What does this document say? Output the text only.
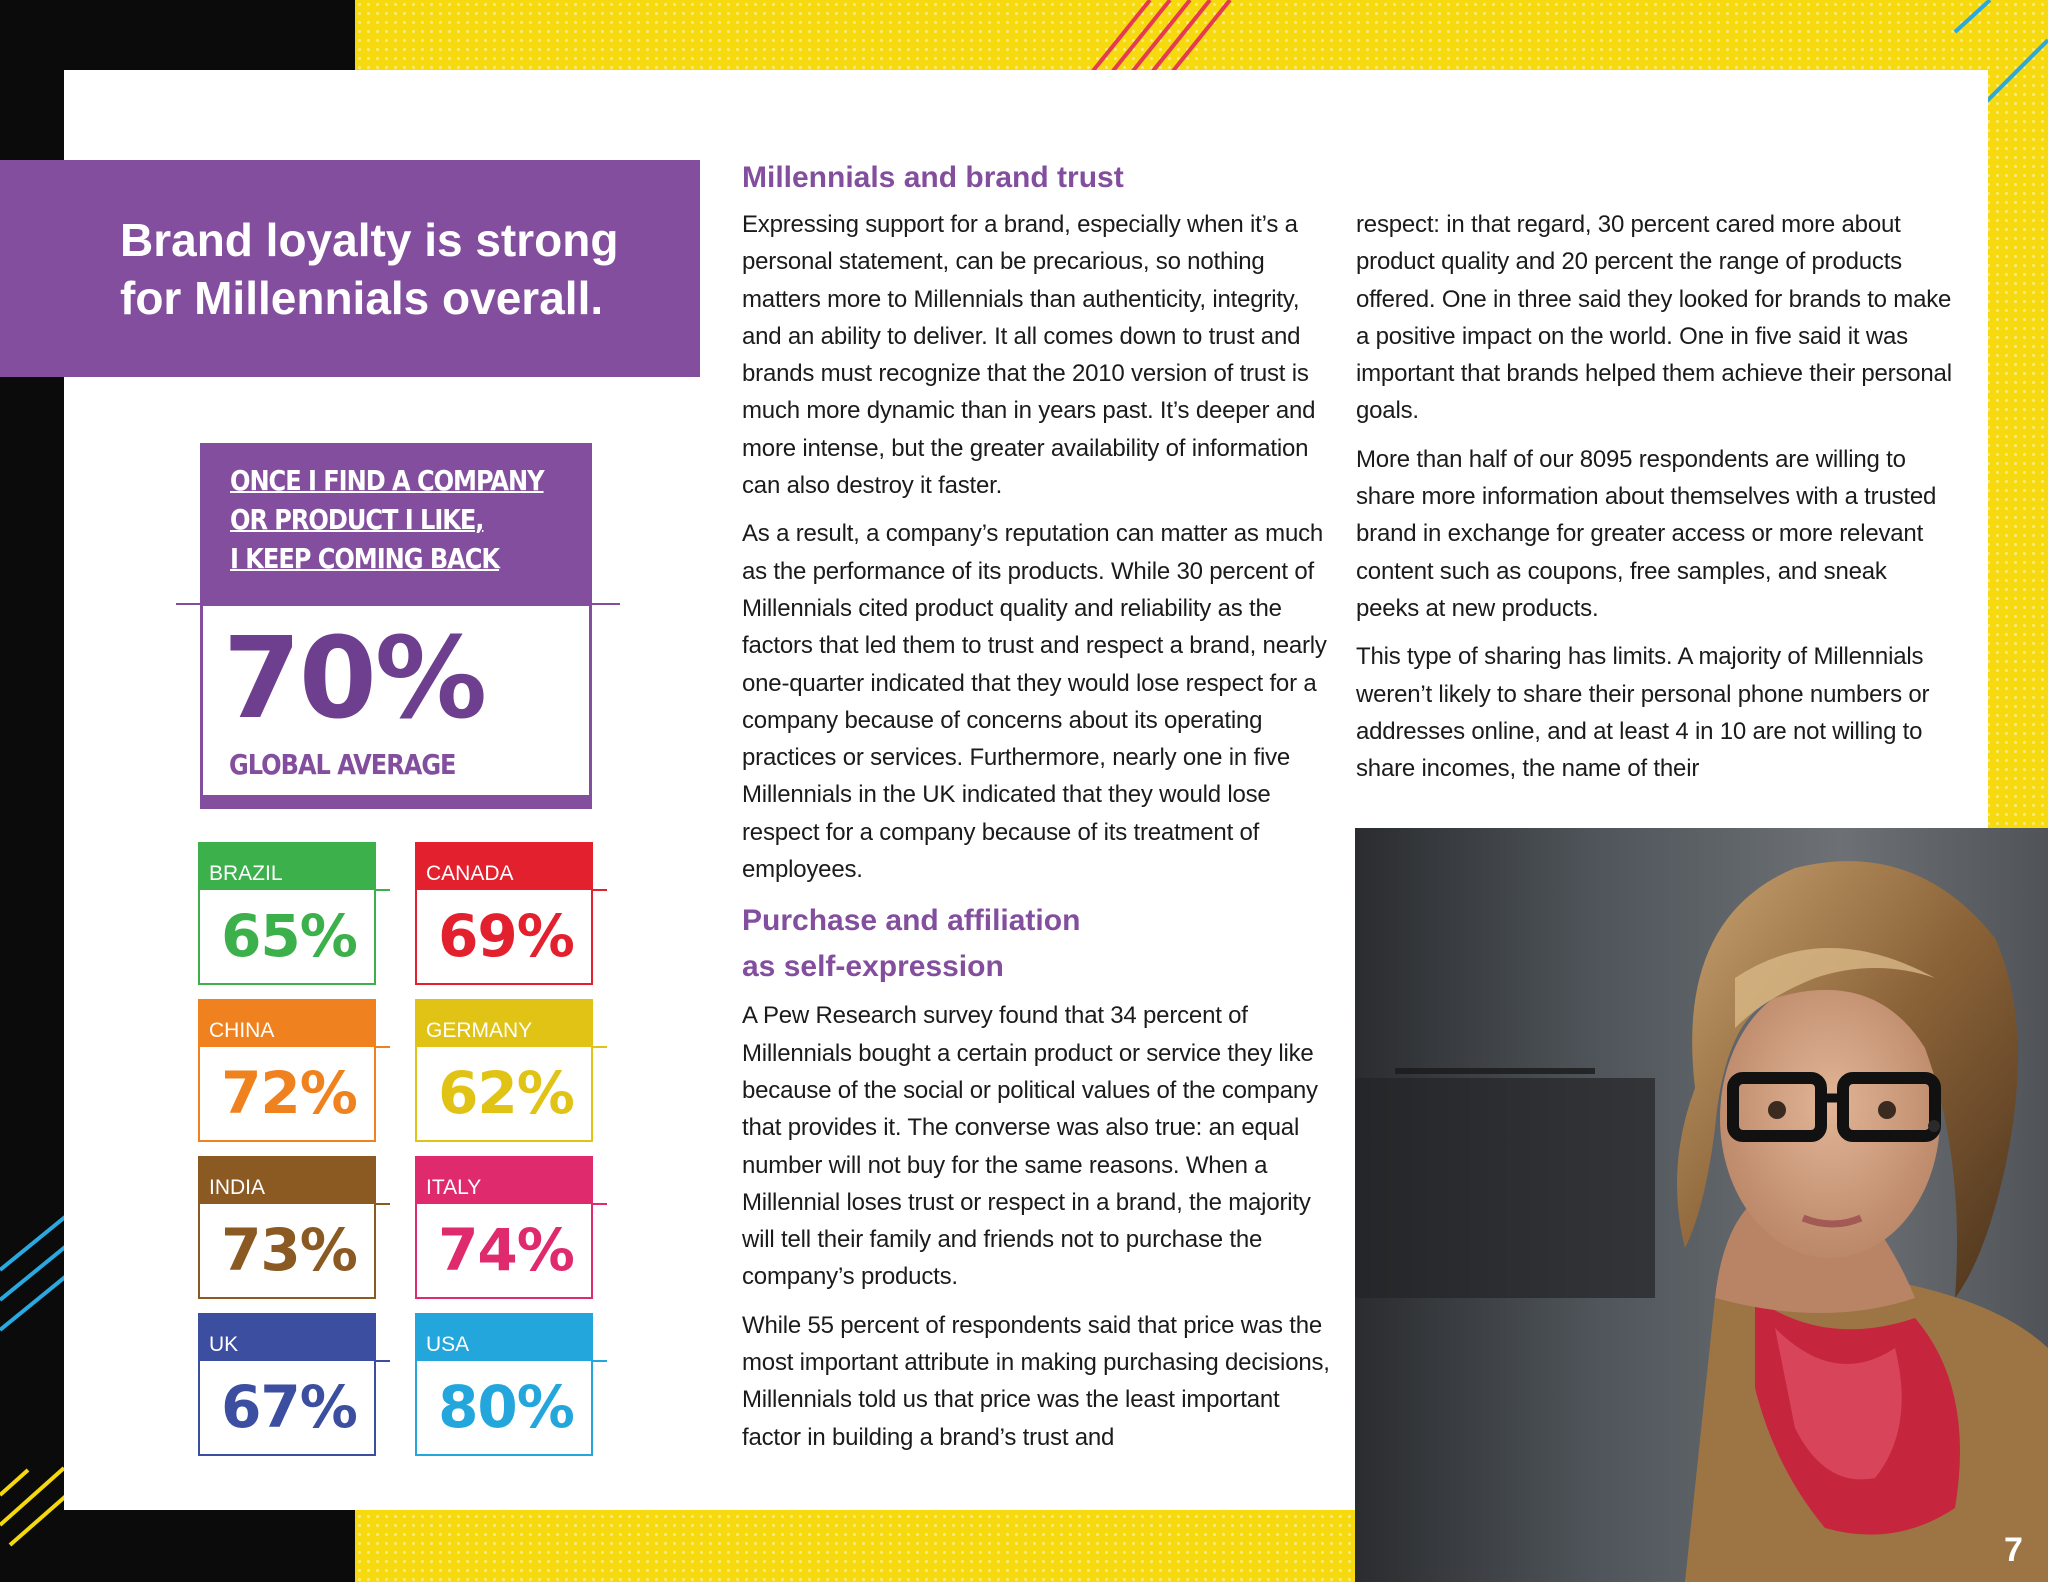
Brand loyalty is strong
for Millennials overall.
ONCE I FIND A COMPANY
OR PRODUCT I LIKE,
I KEEP COMING BACK
70%
GLOBAL AVERAGE
BRAZIL
65%
CANADA
69%
CHINA
72%
GERMANY
62%
INDIA
73%
ITALY
74%
UK
67%
USA
80%
Millennials and brand trust

Expressing support for a brand, especially when it’s a personal statement, can be precarious, so nothing matters more to Millennials than authenticity, integrity, and an ability to deliver. It all comes down to trust and brands must recognize that the 2010 version of trust is much more dynamic than in years past. It’s deeper and more intense, but the greater availability of information can also destroy it faster.

As a result, a company’s reputation can matter as much as the performance of its products. While 30 percent of Millennials cited product quality and reliability as the factors that led them to trust and respect a brand, nearly one-quarter indicated that they would lose respect for a company because of concerns about its operating practices or services. Furthermore, nearly one in five Millennials in the UK indicated that they would lose respect for a company because of its treatment of employees.

Purchase and affiliation
as self-expression

A Pew Research survey found that 34 percent of Millennials bought a certain product or service they like because of the social or political values of the company that provides it. The converse was also true: an equal number will not buy for the same reasons. When a Millennial loses trust or respect in a brand, the majority will tell their family and friends not to purchase the company’s products.

While 55 percent of respondents said that price was the most important attribute in making purchasing decisions, Millennials told us that price was the least important factor in building a brand’s trust and

respect: in that regard, 30 percent cared more about product quality and 20 percent the range of products offered. One in three said they looked for brands to make a positive impact on the world. One in five said it was important that brands helped them achieve their personal goals.

More than half of our 8095 respondents are willing to share more information about themselves with a trusted brand in exchange for greater access or more relevant content such as coupons, free samples, and sneak peeks at new products.

This type of sharing has limits. A majority of Millennials weren’t likely to share their personal phone numbers or addresses online, and at least 4 in 10 are not willing to share incomes, the name of their

7
